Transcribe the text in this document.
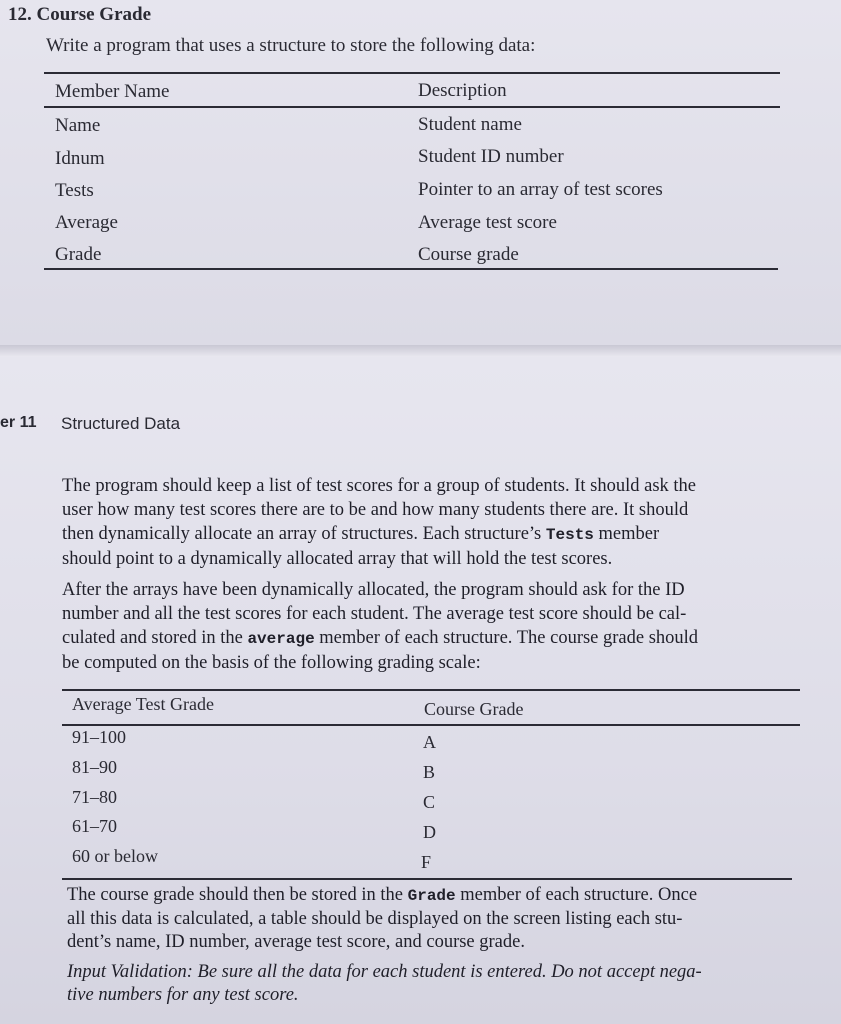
12. Course Grade
Write a program that uses a structure to store the following data:
Member Name	Description
Name	Student name
Idnum	Student ID number
Tests	Pointer to an array of test scores
Average	Average test score
Grade	Course grade
er 11 Structured Data
The program should keep a list of test scores for a group of students. It should ask the
user how many test scores there are to be and how many students there are. It should
then dynamically allocate an array of structures. Each structure’s Tests member
should point to a dynamically allocated array that will hold the test scores.
After the arrays have been dynamically allocated, the program should ask for the ID
number and all the test scores for each student. The average test score should be cal-
culated and stored in the average member of each structure. The course grade should
be computed on the basis of the following grading scale:
Average Test Grade	Course Grade
91–100	A
81–90	B
71–80	C
61–70	D
60 or below	F
The course grade should then be stored in the Grade member of each structure. Once
all this data is calculated, a table should be displayed on the screen listing each stu-
dent’s name, ID number, average test score, and course grade.
Input Validation: Be sure all the data for each student is entered. Do not accept nega-
tive numbers for any test score.
